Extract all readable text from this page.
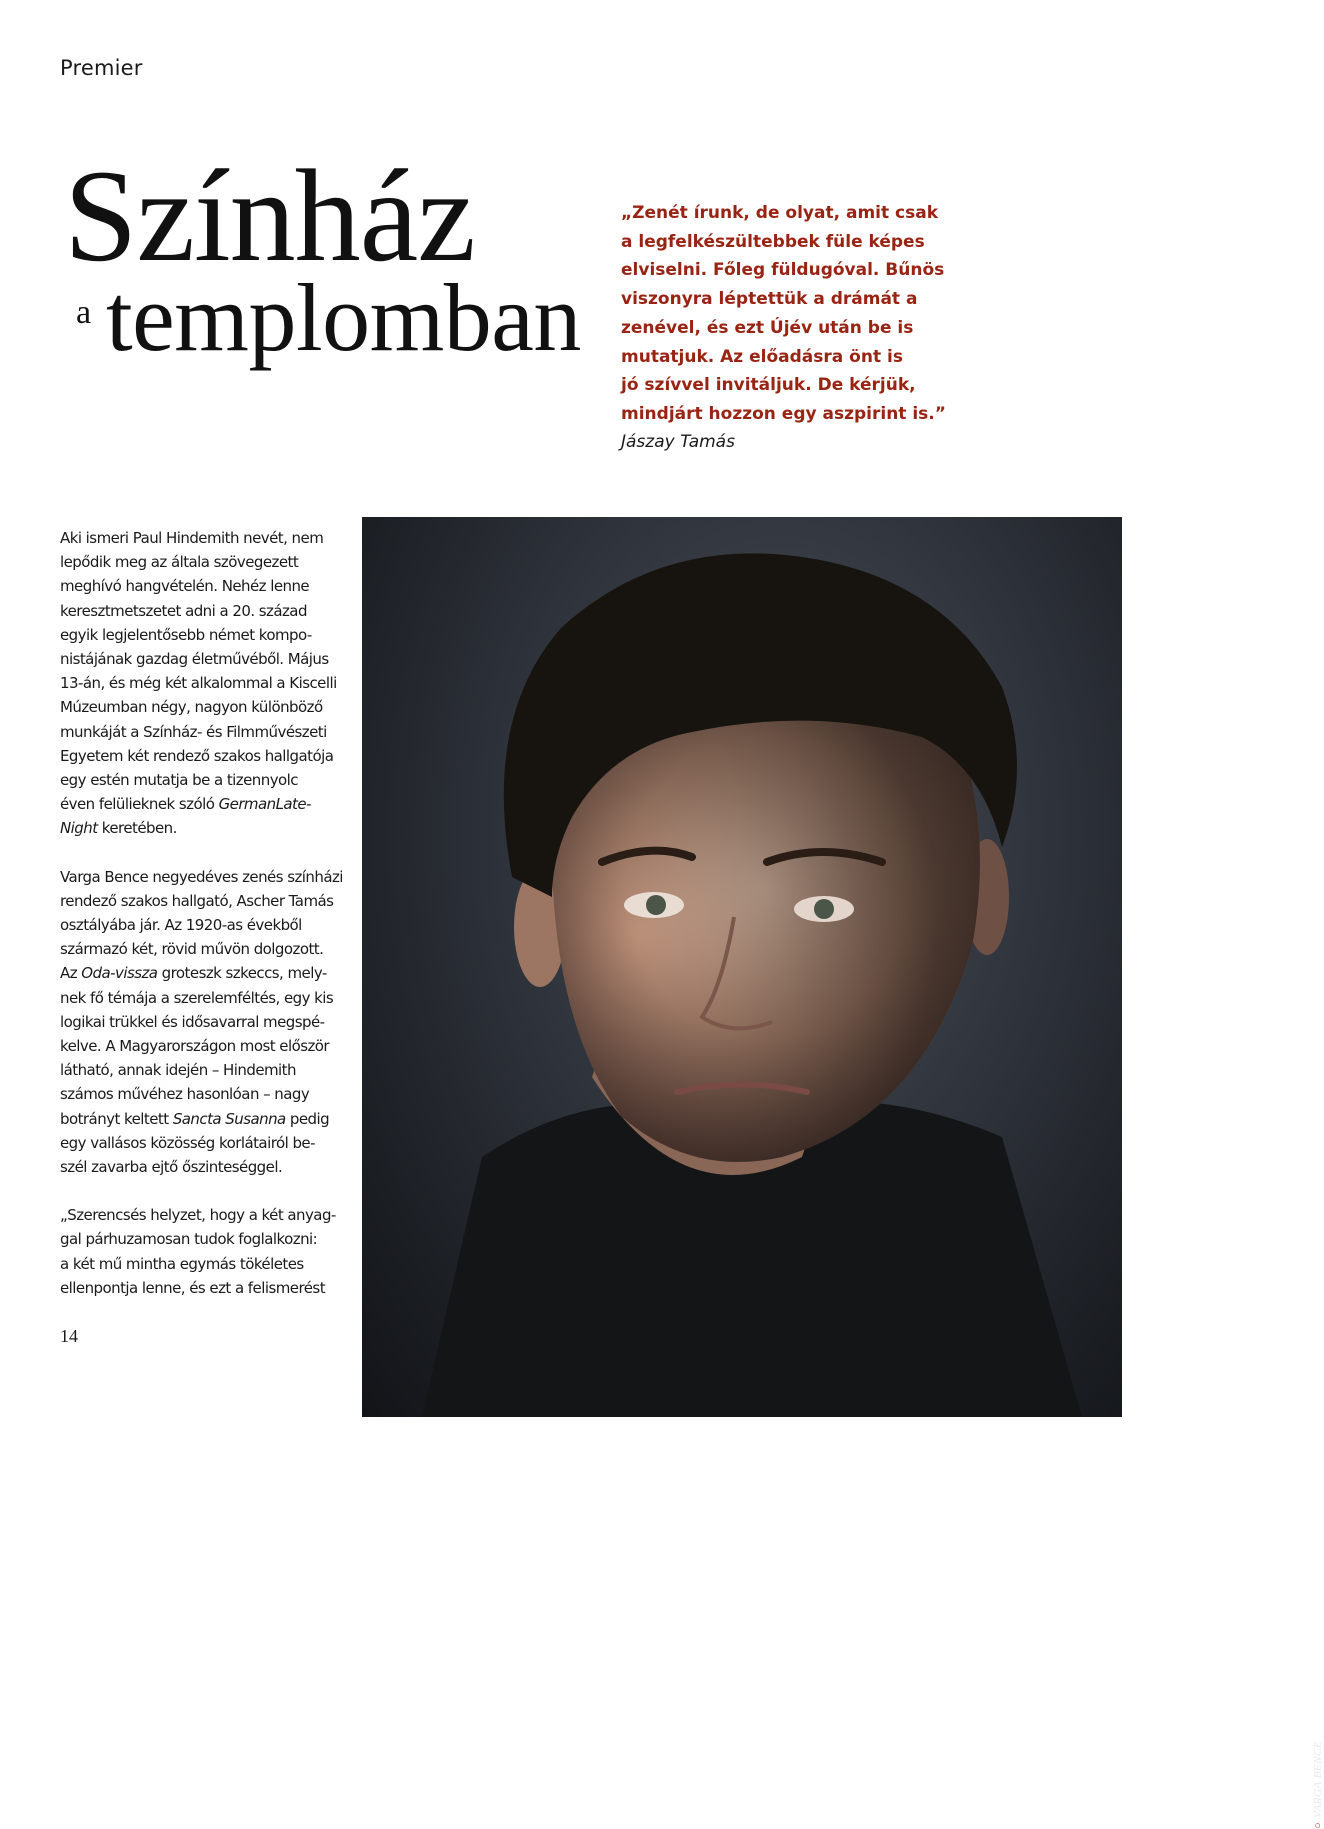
Premier
Színház
a templomban
„Zenét írunk, de olyat, amit csak
a legfelkészültebbek füle képes
elviselni. Főleg füldugóval. Bűnös
viszonyra léptettük a drámát a
zenével, és ezt Újév után be is
mutatjuk. Az előadásra önt is
jó szívvel invitáljuk. De kérjük,
mindjárt hozzon egy aszpirint is.”
Jászay Tamás

Aki ismeri Paul Hindemith nevét, nem
lepődik meg az általa szövegezett
meghívó hangvételén. Nehéz lenne
keresztmetszetet adni a 20. század
egyik legjelentősebb német kompo-
nistájának gazdag életművéből. Május
13-án, és még két alkalommal a Kiscelli
Múzeumban négy, nagyon különböző
munkáját a Színház- és Filmművészeti
Egyetem két rendező szakos hallgatója
egy estén mutatja be a tizennyolc
éven felülieknek szóló GermanLate-
Night keretében.

Varga Bence negyedéves zenés színházi
rendező szakos hallgató, Ascher Tamás
osztályába jár. Az 1920-as évekből
származó két, rövid művön dolgozott.
Az Oda-vissza groteszk szkeccs, mely-
nek fő témája a szerelemféltés, egy kis
logikai trükkel és idősavarral megspé-
kelve. A Magyarországon most először
látható, annak idején – Hindemith
számos művéhez hasonlóan – nagy
botrányt keltett Sancta Susanna pedig
egy vallásos közösség korlátairól be-
szél zavarba ejtő őszinteséggel.

„Szerencsés helyzet, hogy a két anyag-
gal párhuzamosan tudok foglalkozni:
a két mű mintha egymás tökéletes
ellenpontja lenne, és ezt a felismerést

○VARGA BENCE
14
